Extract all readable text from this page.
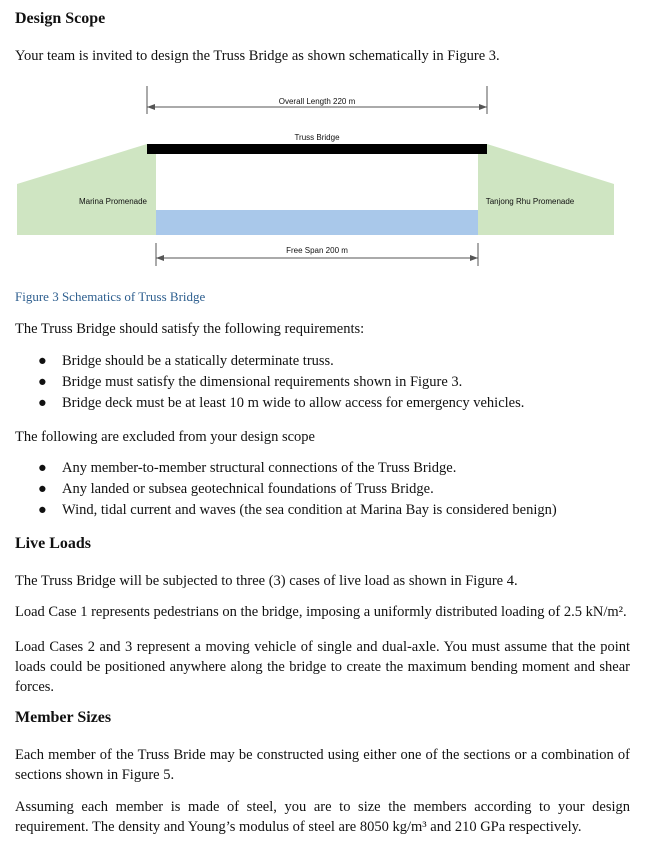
Design Scope
Your team is invited to design the Truss Bridge as shown schematically in Figure 3.
Overall Length 220 m
Truss Bridge
Marina Promenade	Tanjong Rhu Promenade
Free Span 200 m
Figure 3 Schematics of Truss Bridge
The Truss Bridge should satisfy the following requirements:
●	Bridge should be a statically determinate truss.
●	Bridge must satisfy the dimensional requirements shown in Figure 3.
●	Bridge deck must be at least 10 m wide to allow access for emergency vehicles.
The following are excluded from your design scope
●	Any member-to-member structural connections of the Truss Bridge.
●	Any landed or subsea geotechnical foundations of Truss Bridge.
●	Wind, tidal current and waves (the sea condition at Marina Bay is considered benign)
Live Loads
The Truss Bridge will be subjected to three (3) cases of live load as shown in Figure 4.
Load Case 1 represents pedestrians on the bridge, imposing a uniformly distributed loading of 2.5 kN/m².
Load Cases 2 and 3 represent a moving vehicle of single and dual-axle. You must assume that the point loads could be positioned anywhere along the bridge to create the maximum bending moment and shear forces.
Member Sizes
Each member of the Truss Bride may be constructed using either one of the sections or a combination of sections shown in Figure 5.
Assuming each member is made of steel, you are to size the members according to your design requirement. The density and Young’s modulus of steel are 8050 kg/m³ and 210 GPa respectively.
